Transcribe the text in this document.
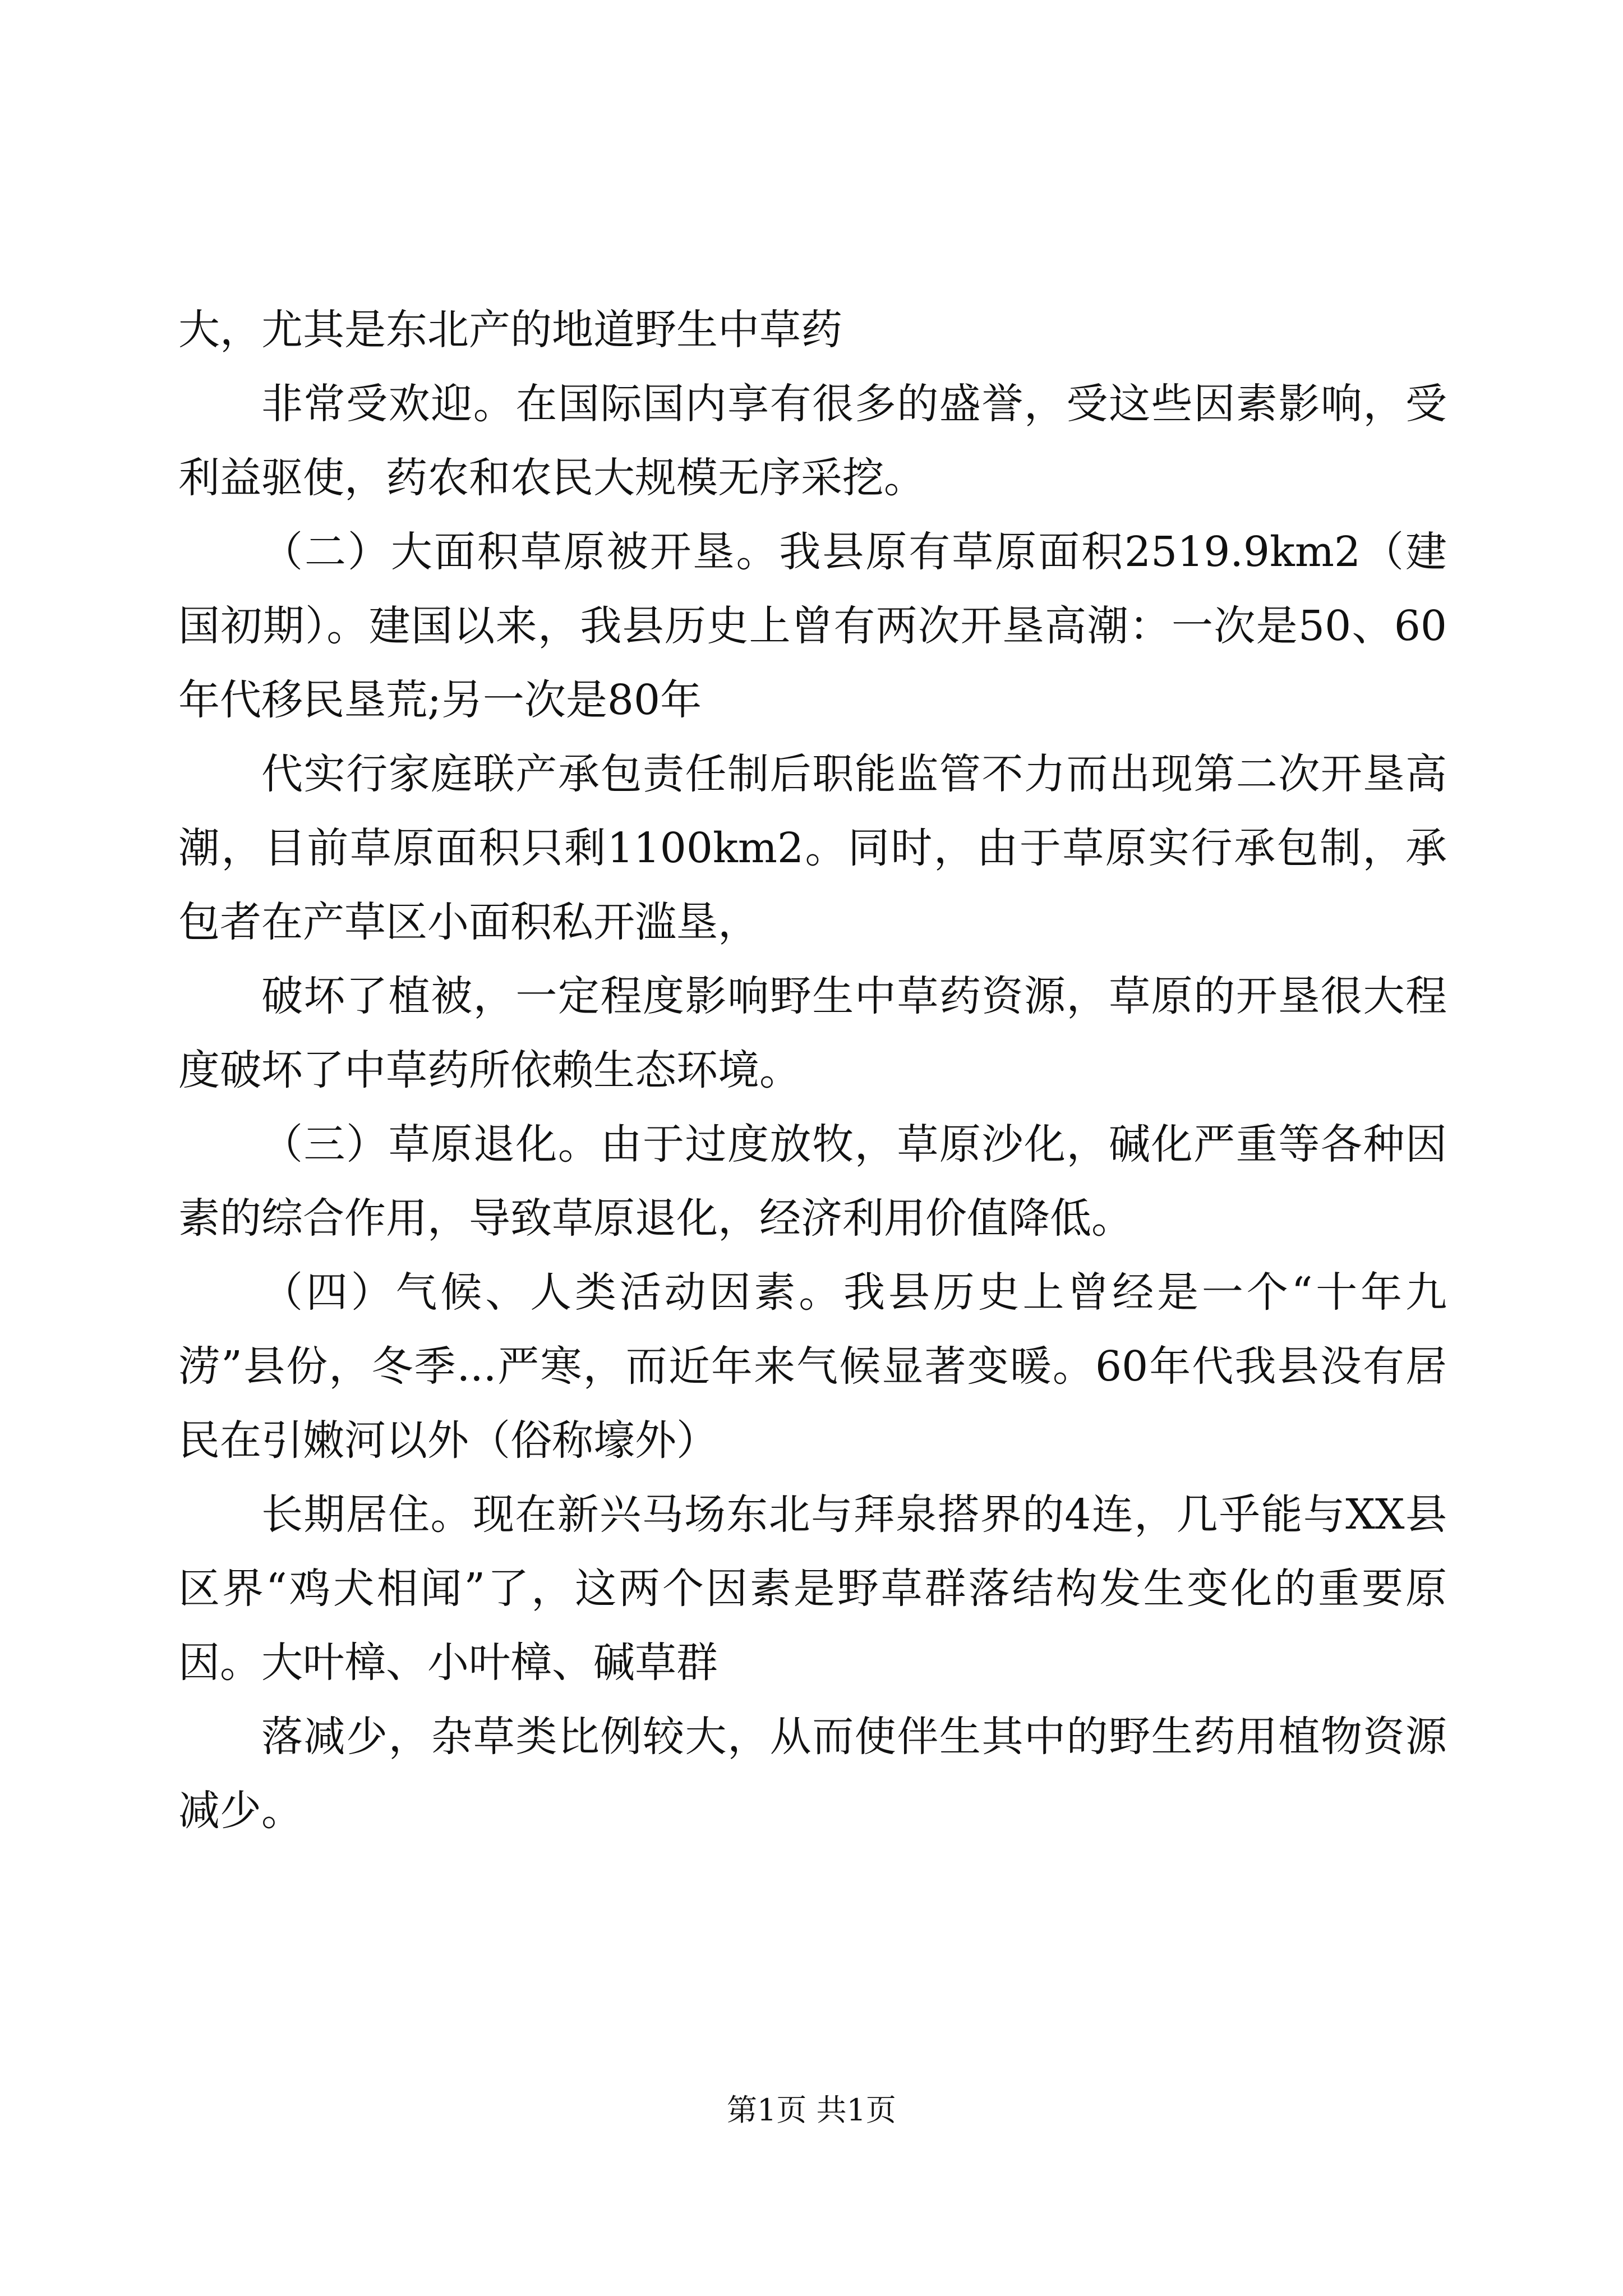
大，尤其是东北产的地道野生中草药

非常受欢迎。在国际国内享有很多的盛誉，受这些因素影响，受利益驱使，药农和农民大规模无序采挖。

（二）大面积草原被开垦。我县原有草原面积2519.9km2（建国初期）。建国以来，我县历史上曾有两次开垦高潮：一次是50、60年代移民垦荒;另一次是80年

代实行家庭联产承包责任制后职能监管不力而出现第二次开垦高潮，目前草原面积只剩1100km2。同时，由于草原实行承包制，承包者在产草区小面积私开滥垦，

破坏了植被，一定程度影响野生中草药资源，草原的开垦很大程度破坏了中草药所依赖生态环境。

（三）草原退化。由于过度放牧，草原沙化，碱化严重等各种因素的综合作用，导致草原退化，经济利用价值降低。

（四）气候、人类活动因素。我县历史上曾经是一个“十年九涝”县份，冬季...严寒，而近年来气候显著变暖。60年代我县没有居民在引嫩河以外（俗称壕外）

长期居住。现在新兴马场东北与拜泉搭界的4连，几乎能与XX县区界“鸡犬相闻”了，这两个因素是野草群落结构发生变化的重要原因。大叶樟、小叶樟、碱草群

落减少，杂草类比例较大，从而使伴生其中的野生药用植物资源减少。

第1页 共1页
